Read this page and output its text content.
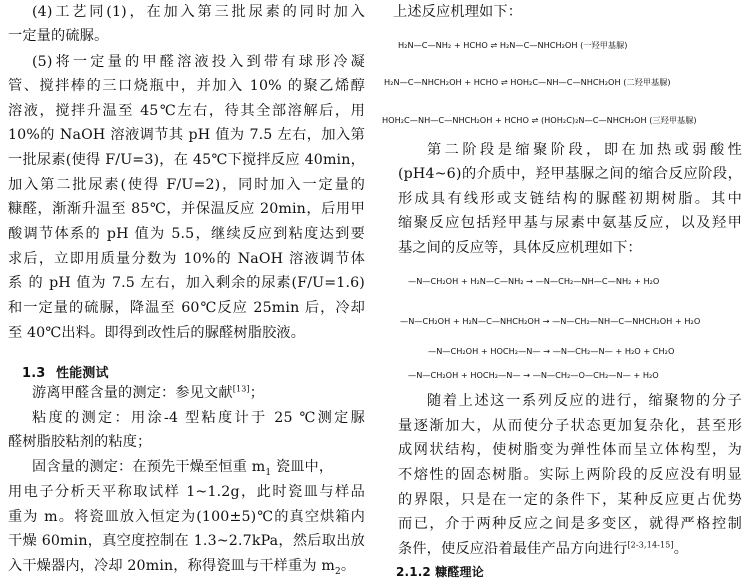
(4)工艺同(1)，在加入第三批尿素的同时加入
一定量的硫脲。
(5)将一定量的甲醛溶液投入到带有球形冷凝
管、搅拌棒的三口烧瓶中，并加入 10% 的聚乙烯醇
溶液，搅拌升温至 45℃左右，待其全部溶解后，用
10%的 NaOH 溶液调节其 pH 值为 7.5 左右，加入第
一批尿素(使得 F/U=3)，在 45℃下搅拌反应 40min，
加入第二批尿素(使得 F/U=2)，同时加入一定量的
糠醛，渐渐升温至 85℃，并保温反应 20min，后用甲
酸调节体系的 pH 值为 5.5，继续反应到粘度达到要
求后，立即用质量分数为 10%的 NaOH 溶液调节体
系 的 pH 值为 7.5 左右，加入剩余的尿素(F/U=1.6)
和一定量的硫脲，降温至 60℃反应 25min 后，冷却
至 40℃出料。即得到改性后的脲醛树脂胶液。
1.3 性能测试
游离甲醛含量的测定：参见文献[13]；
粘度的测定：用涂-4 型粘度计于 25 ℃测定脲
醛树脂胶粘剂的粘度；
固含量的测定：在预先干燥至恒重 $m_1$ 瓷皿中，
用电子分析天平称取试样 1~1.2g，此时瓷皿与样品
重为 m。将瓷皿放入恒定为(100±5)℃的真空烘箱内
干燥 60min，真空度控制在 1.3~2.7kPa，然后取出放
入干燥器内，冷却 20min，称得瓷皿与干样重为 $m_2$。
上述反应机理如下：
H₂N—C—NH₂ + HCHO ⇌ H₂N—C—NHCH₂OH (一羟甲基脲)
H₂N—C—NHCH₂OH + HCHO ⇌ HOH₂C—NH—C—NHCH₂OH (二羟甲基脲)
HOH₂C—NH—C—NHCH₂OH + HCHO ⇌ (HOH₂C)₂N—C—NHCH₂OH (三羟甲基脲)
第二阶段是缩聚阶段，即在加热或弱酸性
(pH4~6)的介质中，羟甲基脲之间的缩合反应阶段，
形成具有线形或支链结构的脲醛初期树脂。其中
缩聚反应包括羟甲基与尿素中氨基反应，以及羟甲
基之间的反应等，具体反应机理如下：
—N—CH₂OH + H₂N—C—NH₂ → —N—CH₂—NH—C—NH₂ + H₂O
—N—CH₂OH + H₂N—C—NHCH₂OH → —N—CH₂—NH—C—NHCH₂OH + H₂O
—N—CH₂OH + HOCH₂—N— → —N—CH₂—N— + H₂O + CH₂O
—N—CH₂OH + HOCH₂—N— → —N—CH₂—O—CH₂—N— + H₂O
随着上述这一系列反应的进行，缩聚物的分子
量逐渐加大，从而使分子状态更加复杂化，甚至形
成网状结构，使树脂变为弹性体而呈立体构型，为
不熔性的固态树脂。实际上两阶段的反应没有明显
的界限，只是在一定的条件下，某种反应更占优势
而已，介于两种反应之间是多变区，就得严格控制
条件，使反应沿着最佳产品方向进行[2-3,14-15]。
2.1.2 糠醛理论
